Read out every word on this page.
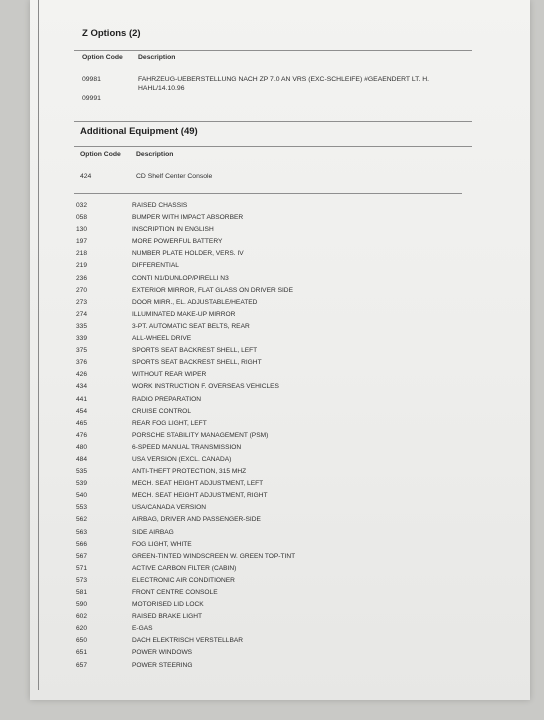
Z Options (2)
Option Code Description
09981	FAHRZEUG-UEBERSTELLUNG NACH ZP 7.0 AN VRS (EXC-SCHLEIFE) #GEAENDERT LT. H.
HAHL/14.10.96
09991
Additional Equipment (49)
Option Code Description
424	CD Shelf Center Console
032	RAISED CHASSIS
058	BUMPER WITH IMPACT ABSORBER
130	INSCRIPTION IN ENGLISH
197	MORE POWERFUL BATTERY
218	NUMBER PLATE HOLDER, VERS. IV
219	DIFFERENTIAL
236	CONTI N1/DUNLOP/PIRELLI N3
270	EXTERIOR MIRROR, FLAT GLASS ON DRIVER SIDE
273	DOOR MIRR., EL. ADJUSTABLE/HEATED
274	ILLUMINATED MAKE-UP MIRROR
335	3-PT. AUTOMATIC SEAT BELTS, REAR
339	ALL-WHEEL DRIVE
375	SPORTS SEAT BACKREST SHELL, LEFT
376	SPORTS SEAT BACKREST SHELL, RIGHT
426	WITHOUT REAR WIPER
434	WORK INSTRUCTION F. OVERSEAS VEHICLES
441	RADIO PREPARATION
454	CRUISE CONTROL
465	REAR FOG LIGHT, LEFT
476	PORSCHE STABILITY MANAGEMENT (PSM)
480	6-SPEED MANUAL TRANSMISSION
484	USA VERSION (EXCL. CANADA)
535	ANTI-THEFT PROTECTION, 315 MHZ
539	MECH. SEAT HEIGHT ADJUSTMENT, LEFT
540	MECH. SEAT HEIGHT ADJUSTMENT, RIGHT
553	USA/CANADA VERSION
562	AIRBAG, DRIVER AND PASSENGER-SIDE
563	SIDE AIRBAG
566	FOG LIGHT, WHITE
567	GREEN-TINTED WINDSCREEN W. GREEN TOP-TINT
571	ACTIVE CARBON FILTER (CABIN)
573	ELECTRONIC AIR CONDITIONER
581	FRONT CENTRE CONSOLE
590	MOTORISED LID LOCK
602	RAISED BRAKE LIGHT
620	E-GAS
650	DACH ELEKTRISCH VERSTELLBAR
651	POWER WINDOWS
657	POWER STEERING
